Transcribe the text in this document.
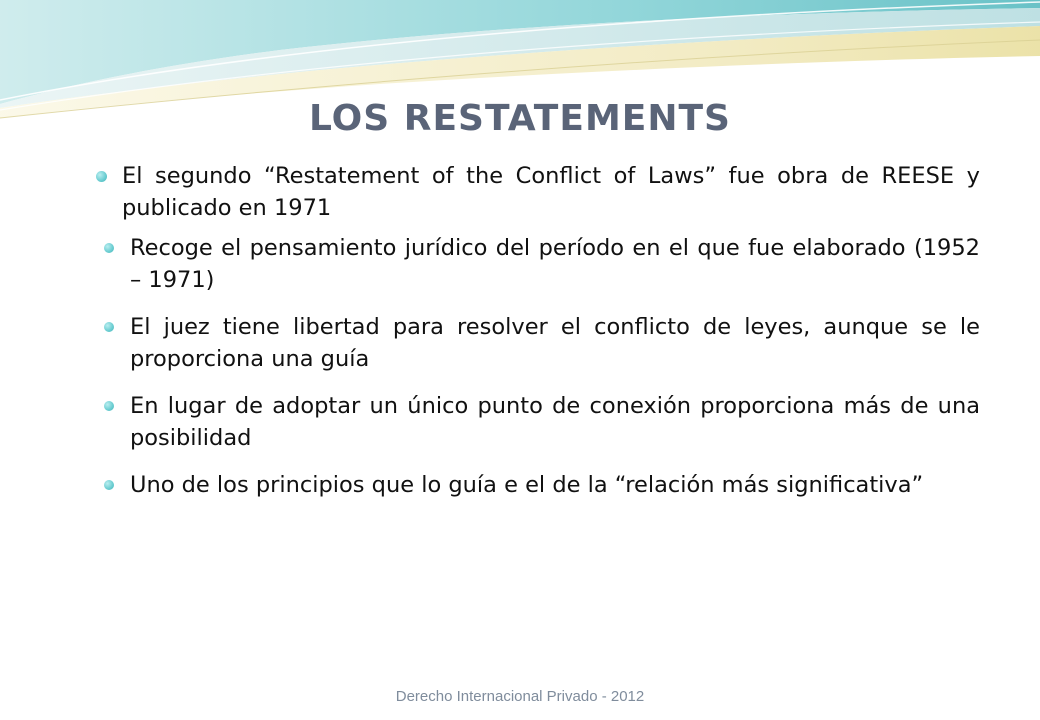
LOS RESTATEMENTS
El segundo “Restatement of the Conflict of Laws” fue obra de REESE y publicado en 1971
Recoge el pensamiento jurídico del período en el que fue elaborado (1952 – 1971)
El juez tiene libertad para resolver el conflicto de leyes, aunque se le proporciona una guía
En lugar de adoptar un único punto de conexión proporciona más de una posibilidad
Uno de los principios que lo guía e el de la “relación más significativa”
Derecho Internacional Privado - 2012
